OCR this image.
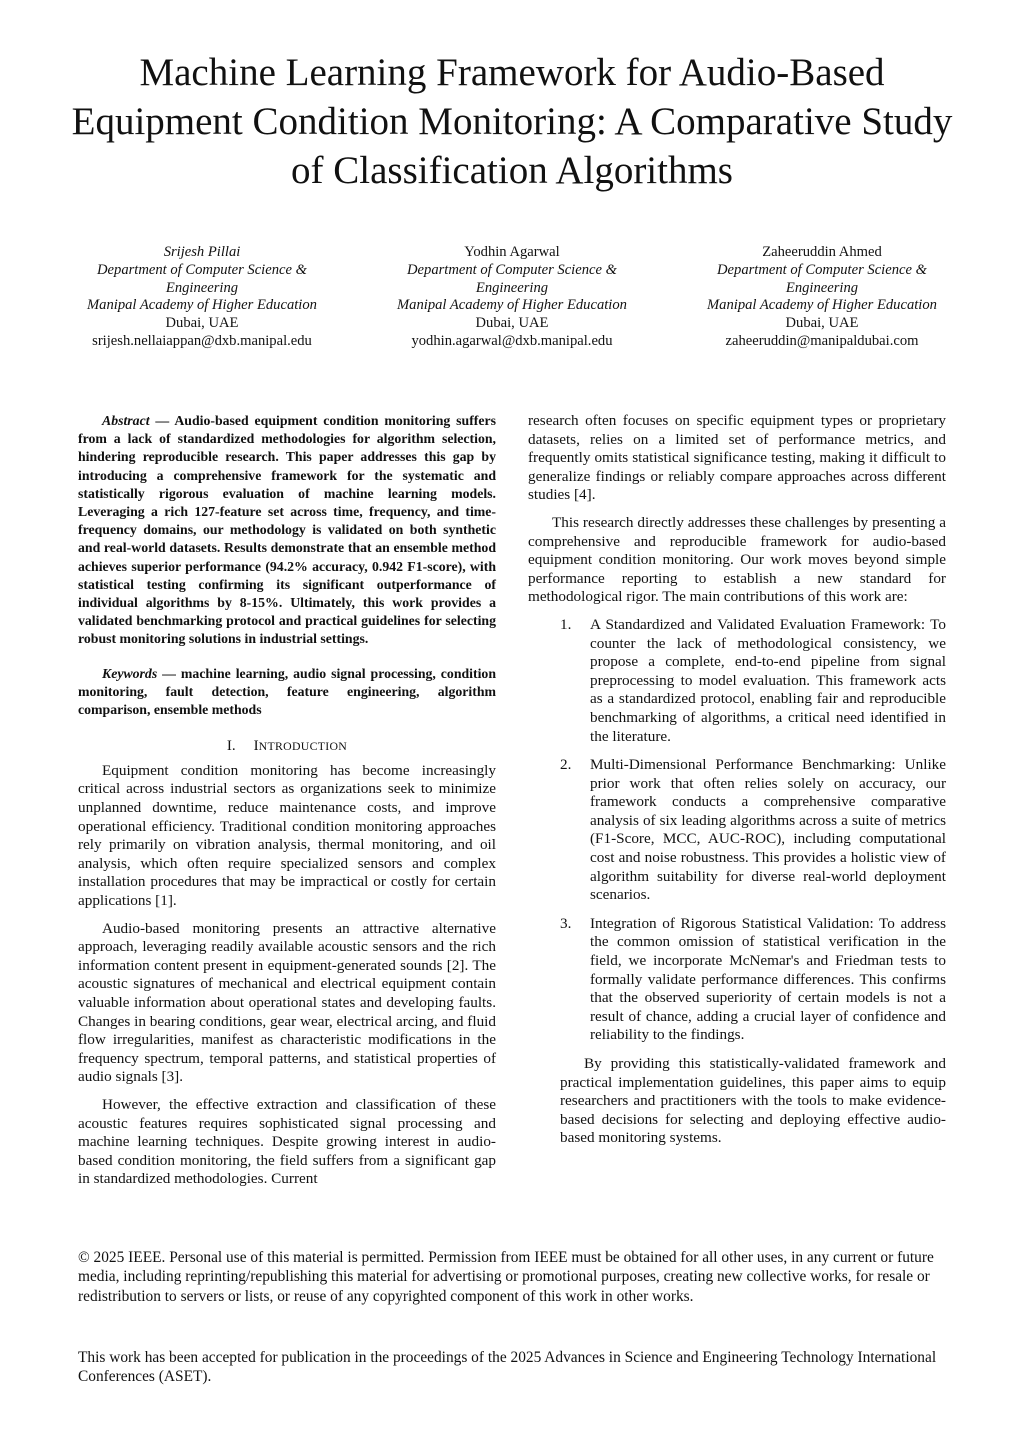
Machine Learning Framework for Audio-Based Equipment Condition Monitoring: A Comparative Study of Classification Algorithms
Srijesh Pillai
Department of Computer Science &
Engineering
Manipal Academy of Higher Education
Dubai, UAE
srijesh.nellaiappan@dxb.manipal.edu
Yodhin Agarwal
Department of Computer Science &
Engineering
Manipal Academy of Higher Education
Dubai, UAE
yodhin.agarwal@dxb.manipal.edu
Zaheeruddin Ahmed
Department of Computer Science &
Engineering
Manipal Academy of Higher Education
Dubai, UAE
zaheeruddin@manipaldubai.com

Abstract — Audio-based equipment condition monitoring suffers from a lack of standardized methodologies for algorithm selection, hindering reproducible research. This paper addresses this gap by introducing a comprehensive framework for the systematic and statistically rigorous evaluation of machine learning models. Leveraging a rich 127-feature set across time, frequency, and time-frequency domains, our methodology is validated on both synthetic and real-world datasets. Results demonstrate that an ensemble method achieves superior performance (94.2% accuracy, 0.942 F1-score), with statistical testing confirming its significant outperformance of individual algorithms by 8-15%. Ultimately, this work provides a validated benchmarking protocol and practical guidelines for selecting robust monitoring solutions in industrial settings.

Keywords — machine learning, audio signal processing, condition monitoring, fault detection, feature engineering, algorithm comparison, ensemble methods

I. INTRODUCTION

Equipment condition monitoring has become increasingly critical across industrial sectors as organizations seek to minimize unplanned downtime, reduce maintenance costs, and improve operational efficiency. Traditional condition monitoring approaches rely primarily on vibration analysis, thermal monitoring, and oil analysis, which often require specialized sensors and complex installation procedures that may be impractical or costly for certain applications [1].

Audio-based monitoring presents an attractive alternative approach, leveraging readily available acoustic sensors and the rich information content present in equipment-generated sounds [2]. The acoustic signatures of mechanical and electrical equipment contain valuable information about operational states and developing faults. Changes in bearing conditions, gear wear, electrical arcing, and fluid flow irregularities, manifest as characteristic modifications in the frequency spectrum, temporal patterns, and statistical properties of audio signals [3].

However, the effective extraction and classification of these acoustic features requires sophisticated signal processing and machine learning techniques. Despite growing interest in audio-based condition monitoring, the field suffers from a significant gap in standardized methodologies. Current

research often focuses on specific equipment types or proprietary datasets, relies on a limited set of performance metrics, and frequently omits statistical significance testing, making it difficult to generalize findings or reliably compare approaches across different studies [4].

This research directly addresses these challenges by presenting a comprehensive and reproducible framework for audio-based equipment condition monitoring. Our work moves beyond simple performance reporting to establish a new standard for methodological rigor. The main contributions of this work are:

1. A Standardized and Validated Evaluation Framework: To counter the lack of methodological consistency, we propose a complete, end-to-end pipeline from signal preprocessing to model evaluation. This framework acts as a standardized protocol, enabling fair and reproducible benchmarking of algorithms, a critical need identified in the literature.
2. Multi-Dimensional Performance Benchmarking: Unlike prior work that often relies solely on accuracy, our framework conducts a comprehensive comparative analysis of six leading algorithms across a suite of metrics (F1-Score, MCC, AUC-ROC), including computational cost and noise robustness. This provides a holistic view of algorithm suitability for diverse real-world deployment scenarios.
3. Integration of Rigorous Statistical Validation: To address the common omission of statistical verification in the field, we incorporate McNemar's and Friedman tests to formally validate performance differences. This confirms that the observed superiority of certain models is not a result of chance, adding a crucial layer of confidence and reliability to the findings.

By providing this statistically-validated framework and practical implementation guidelines, this paper aims to equip researchers and practitioners with the tools to make evidence-based decisions for selecting and deploying effective audio-based monitoring systems.

© 2025 IEEE. Personal use of this material is permitted. Permission from IEEE must be obtained for all other uses, in any current or future media, including reprinting/republishing this material for advertising or promotional purposes, creating new collective works, for resale or redistribution to servers or lists, or reuse of any copyrighted component of this work in other works.

This work has been accepted for publication in the proceedings of the 2025 Advances in Science and Engineering Technology International Conferences (ASET).
